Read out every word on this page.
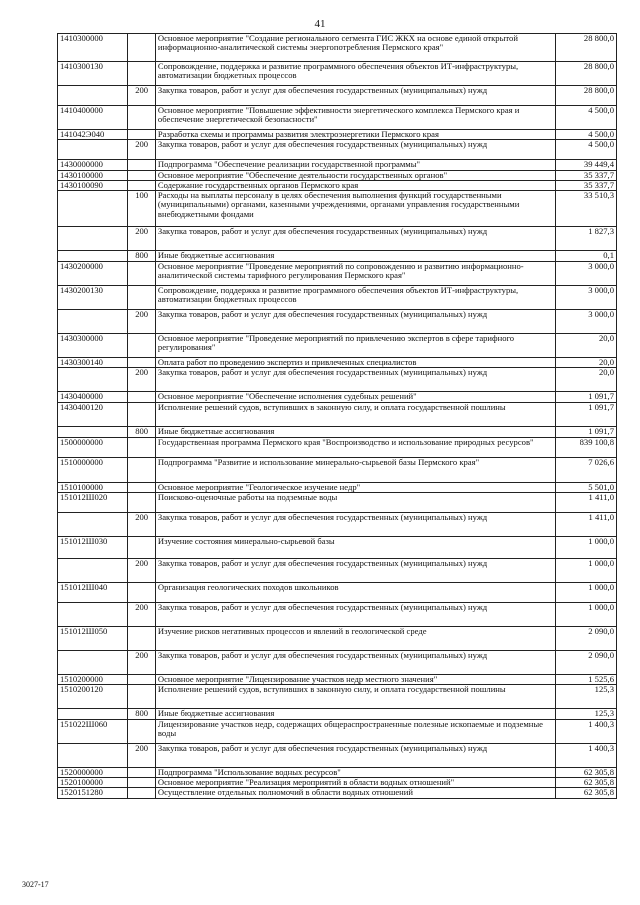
41
1410300000		Основное мероприятие "Создание регионального сегмента ГИС ЖКХ на основе единой открытой информационно-аналитической системы энергопотребления Пермского края"	28 800,0
1410300130		Сопровождение, поддержка и развитие программного обеспечения объектов ИТ-инфраструктуры, автоматизации бюджетных процессов	28 800,0
	200	Закупка товаров, работ и услуг для обеспечения государственных (муниципальных) нужд	28 800,0
1410400000		Основное мероприятие "Повышение эффективности энергетического комплекса Пермского края и обеспечение энергетической безопасности"	4 500,0
141042Э040		Разработка схемы и программы развития электроэнергетики Пермского края	4 500,0
	200	Закупка товаров, работ и услуг для обеспечения государственных (муниципальных) нужд	4 500,0
1430000000		Подпрограмма "Обеспечение реализации государственной программы"	39 449,4
1430100000		Основное мероприятие "Обеспечение деятельности государственных органов"	35 337,7
1430100090		Содержание государственных органов Пермского края	35 337,7
	100	Расходы на выплаты персоналу в целях обеспечения выполнения функций государственными (муниципальными) органами, казенными учреждениями, органами управления государственными внебюджетными фондами	33 510,3
	200	Закупка товаров, работ и услуг для обеспечения государственных (муниципальных) нужд	1 827,3
	800	Иные бюджетные ассигнования	0,1
1430200000		Основное мероприятие "Проведение мероприятий по сопровождению и развитию информационно-аналитической системы тарифного регулирования Пермского края"	3 000,0
1430200130		Сопровождение, поддержка и развитие программного обеспечения объектов ИТ-инфраструктуры, автоматизации бюджетных процессов	3 000,0
	200	Закупка товаров, работ и услуг для обеспечения государственных (муниципальных) нужд	3 000,0
1430300000		Основное мероприятие "Проведение мероприятий по привлечению экспертов в сфере тарифного регулирования"	20,0
1430300140		Оплата работ по проведению экспертиз и привлеченных специалистов	20,0
	200	Закупка товаров, работ и услуг для обеспечения государственных (муниципальных) нужд	20,0
1430400000		Основное мероприятие "Обеспечение исполнения судебных решений"	1 091,7
1430400120		Исполнение решений судов, вступивших в законную силу, и оплата государственной пошлины	1 091,7
	800	Иные бюджетные ассигнования	1 091,7
1500000000		Государственная программа Пермского края "Воспроизводство и использование природных ресурсов"	839 100,8
1510000000		Подпрограмма "Развитие и использование минерально-сырьевой базы Пермского края"	7 026,6
1510100000		Основное мероприятие "Геологическое изучение недр"	5 501,0
151012Ш020		Поисково-оценочные работы на подземные воды	1 411,0
	200	Закупка товаров, работ и услуг для обеспечения государственных (муниципальных) нужд	1 411,0
151012Ш030		Изучение состояния минерально-сырьевой базы	1 000,0
	200	Закупка товаров, работ и услуг для обеспечения государственных (муниципальных) нужд	1 000,0
151012Ш040		Организация геологических походов школьников	1 000,0
	200	Закупка товаров, работ и услуг для обеспечения государственных (муниципальных) нужд	1 000,0
151012Ш050		Изучение рисков негативных процессов и явлений в геологической среде	2 090,0
	200	Закупка товаров, работ и услуг для обеспечения государственных (муниципальных) нужд	2 090,0
1510200000		Основное мероприятие "Лицензирование участков недр местного значения"	1 525,6
1510200120		Исполнение решений судов, вступивших в законную силу, и оплата государственной пошлины	125,3
	800	Иные бюджетные ассигнования	125,3
151022Ш060		Лицензирование участков недр, содержащих общераспространенные полезные ископаемые и подземные воды	1 400,3
	200	Закупка товаров, работ и услуг для обеспечения государственных (муниципальных) нужд	1 400,3
1520000000		Подпрограмма "Использование водных ресурсов"	62 305,8
1520100000		Основное мероприятие "Реализация мероприятий в области водных отношений"	62 305,8
1520151280		Осуществление отдельных полномочий в области водных отношений	62 305,8
3027-17
